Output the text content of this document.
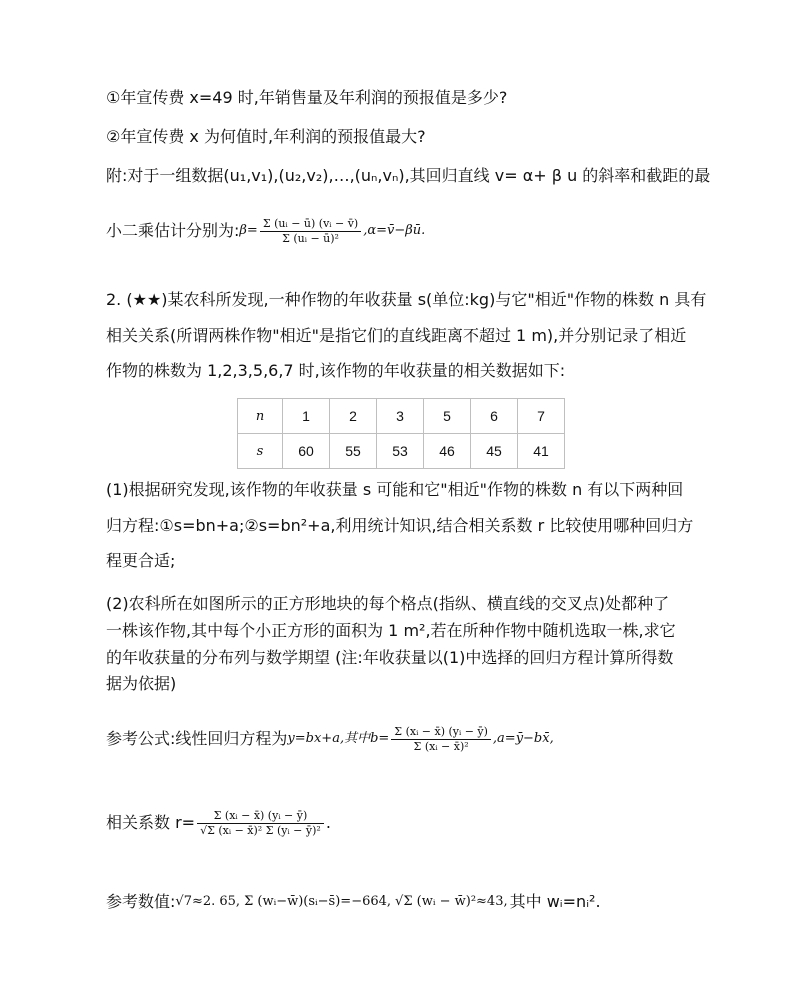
①年宣传费 x=49 时,年销售量及年利润的预报值是多少?
②年宣传费 x 为何值时,年利润的预报值最大?
附:对于一组数据(u₁,v₁),(u₂,v₂),…,(uₙ,vₙ),其回归直线 v= α+ β u 的斜率和截距的最
小二乘估计分别为: $\beta= \frac{\text{Σ (uᵢ − ū) (vᵢ − v̄)}}{\text{Σ (uᵢ − ū)²}}$ ,α=v̄−βū.
2. (★★)某农科所发现,一种作物的年收获量 s(单位:kg)与它"相近"作物的株数 n 具有
相关关系(所谓两株作物"相近"是指它们的直线距离不超过 1 m),并分别记录了相近
作物的株数为 1,2,3,5,6,7 时,该作物的年收获量的相关数据如下:
n	1	2	3	5	6	7
s	60	55	53	46	45	41
(1)根据研究发现,该作物的年收获量 s 可能和它"相近"作物的株数 n 有以下两种回
归方程:①s=bn+a;②s=bn²+a,利用统计知识,结合相关系数 r 比较使用哪种回归方
程更合适;
(2)农科所在如图所示的正方形地块的每个格点(指纵、横直线的交叉点)处都种了
一株该作物,其中每个小正方形的面积为 1 m²,若在所种作物中随机选取一株,求它
的年收获量的分布列与数学期望 (注:年收获量以(1)中选择的回归方程计算所得数
据为依据)
参考公式:线性回归方程为 y=bx+a,其中$b= \frac{\text{Σ (xᵢ − x̄) (yᵢ − ȳ)}}{\text{Σ (xᵢ − x̄)²}}$ ,a=ȳ−bx̄,
相关系数 $r= \frac{\text{Σ (xᵢ − x̄) (yᵢ − ȳ)}}{\text{√Σ (xᵢ − x̄)² Σ (yᵢ − ȳ)²}}$ .
参考数值: √7≈2. 65, Σ (wᵢ−w̄)(sᵢ−s̄)=−664, √Σ (wᵢ − w̄)²≈43, 其中 wᵢ=nᵢ².
